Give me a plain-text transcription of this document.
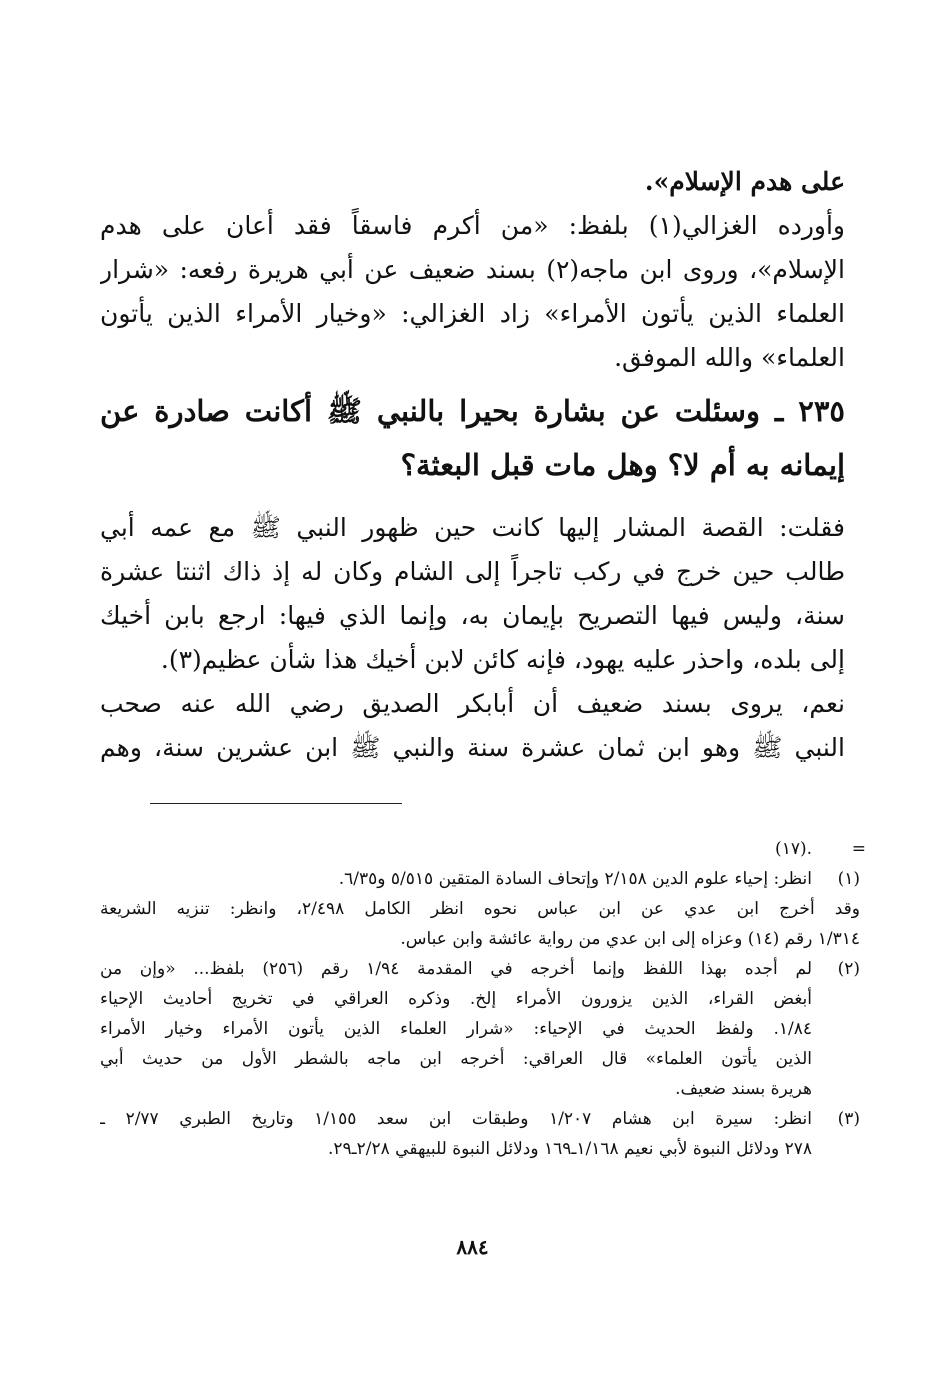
على هدم الإسلام».
وأورده الغزالي(١) بلفظ: «من أكرم فاسقاً فقد أعان على هدم
الإسلام»، وروى ابن ماجه(٢) بسند ضعيف عن أبي هريرة رفعه: «شرار
العلماء الذين يأتون الأمراء» زاد الغزالي: «وخيار الأمراء الذين يأتون
العلماء» والله الموفق.
٢٣٥ ـ وسئلت عن بشارة بحيرا بالنبي ﷺ أكانت صادرة عن
إيمانه به أم لا؟ وهل مات قبل البعثة؟
فقلت: القصة المشار إليها كانت حين ظهور النبي ﷺ مع عمه أبي
طالب حين خرج في ركب تاجراً إلى الشام وكان له إذ ذاك اثنتا عشرة
سنة، وليس فيها التصريح بإيمان به، وإنما الذي فيها: ارجع بابن أخيك
إلى بلده، واحذر عليه يهود، فإنه كائن لابن أخيك هذا شأن عظيم(٣).
نعم، يروى بسند ضعيف أن أبابكر الصديق رضي الله عنه صحب
النبي ﷺ وهو ابن ثمان عشرة سنة والنبي ﷺ ابن عشرين سنة، وهم
=
.(١٧)
(١)
انظر: إحياء علوم الدين ٢/١٥٨ وإتحاف السادة المتقين ٥/٥١٥ و٦/٣٥.
وقد أخرج ابن عدي عن ابن عباس نحوه انظر الكامل ٢/٤٩٨، وانظر: تنزيه الشريعة
١/٣١٤ رقم (١٤) وعزاه إلى ابن عدي من رواية عائشة وابن عباس.
(٢)
لم أجده بهذا اللفظ وإنما أخرجه في المقدمة ١/٩٤ رقم (٢٥٦) بلفظ... «وإن من
أبغض القراء، الذين يزورون الأمراء إلخ. وذكره العراقي في تخريج أحاديث الإحياء
١/٨٤. ولفظ الحديث في الإحياء: «شرار العلماء الذين يأتون الأمراء وخيار الأمراء
الذين يأتون العلماء» قال العراقي: أخرجه ابن ماجه بالشطر الأول من حديث أبي
هريرة بسند ضعيف.
(٣)
انظر: سيرة ابن هشام ١/٢٠٧ وطبقات ابن سعد ١/١٥٥ وتاريخ الطبري ٢/٧٧ ـ
٢٧٨ ودلائل النبوة لأبي نعيم ١/١٦٨ـ١٦٩ ودلائل النبوة للبيهقي ٢/٢٨ـ٢٩.
٨٨٤
